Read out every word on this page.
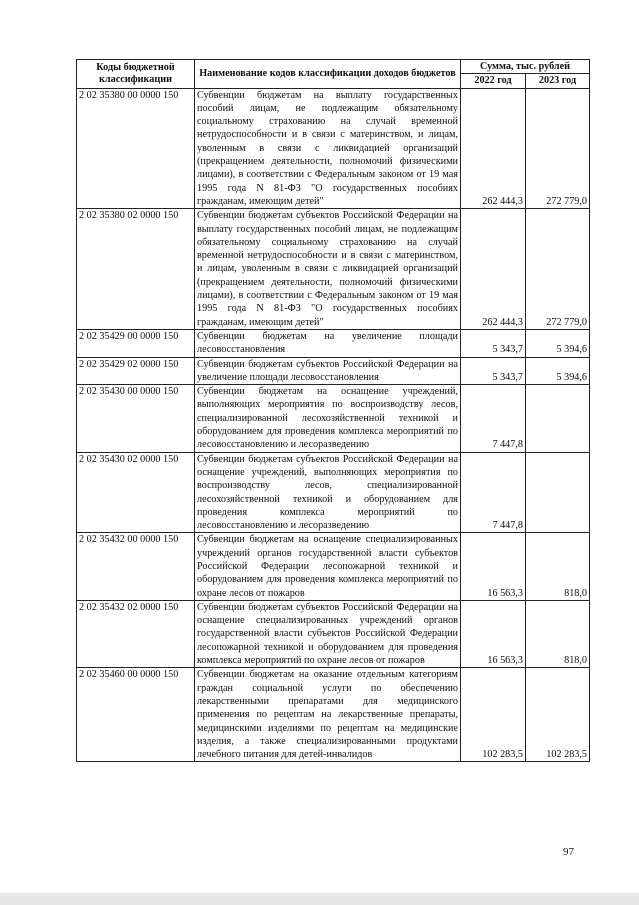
Коды бюджетной классификации	Наименование кодов классификации доходов бюджетов	Сумма, тыс. рублей	
		2022 год	2023 год
2 02 35380 00 0000 150	Субвенции бюджетам на выплату государственных пособий лицам, не подлежащим обязательному социальному страхованию на случай временной нетрудоспособности и в связи с материнством, и лицам, уволенным в связи с ликвидацией организаций (прекращением деятельности, полномочий физическими лицами), в соответствии с Федеральным законом от 19 мая 1995 года N 81-ФЗ "О государственных пособиях гражданам, имеющим детей"	262 444,3	272 779,0
2 02 35380 02 0000 150	Субвенции бюджетам субъектов Российской Федерации на выплату государственных пособий лицам, не подлежащим обязательному социальному страхованию на случай временной нетрудоспособности и в связи с материнством, и лицам, уволенным в связи с ликвидацией организаций (прекращением деятельности, полномочий физическими лицами), в соответствии с Федеральным законом от 19 мая 1995 года N 81-ФЗ "О государственных пособиях гражданам, имеющим детей"	262 444,3	272 779,0
2 02 35429 00 0000 150	Субвенции бюджетам на увеличение площади лесовосстановления	5 343,7	5 394,6
2 02 35429 02 0000 150	Субвенции бюджетам субъектов Российской Федерации на увеличение площади лесовосстановления	5 343,7	5 394,6
2 02 35430 00 0000 150	Субвенции бюджетам на оснащение учреждений, выполняющих мероприятия по воспроизводству лесов, специализированной лесохозяйственной техникой и оборудованием для проведения комплекса мероприятий по лесовосстановлению и лесоразведению	7 447,8	
2 02 35430 02 0000 150	Субвенции бюджетам субъектов Российской Федерации на оснащение учреждений, выполняющих мероприятия по воспроизводству лесов, специализированной лесохозяйственной техникой и оборудованием для проведения комплекса мероприятий по лесовосстановлению и лесоразведению	7 447,8	
2 02 35432 00 0000 150	Субвенции бюджетам на оснащение специализированных учреждений органов государственной власти субъектов Российской Федерации лесопожарной техникой и оборудованием для проведения комплекса мероприятий по охране лесов от пожаров	16 563,3	818,0
2 02 35432 02 0000 150	Субвенции бюджетам субъектов Российской Федерации на оснащение специализированных учреждений органов государственной власти субъектов Российской Федерации лесопожарной техникой и оборудованием для проведения комплекса мероприятий по охране лесов от пожаров	16 563,3	818,0
2 02 35460 00 0000 150	Субвенции бюджетам на оказание отдельным категориям граждан социальной услуги по обеспечению лекарственными препаратами для медицинского применения по рецептам на лекарственные препараты, медицинскими изделиями по рецептам на медицинские изделия, а также специализированными продуктами лечебного питания для детей-инвалидов	102 283,5	102 283,5
97
